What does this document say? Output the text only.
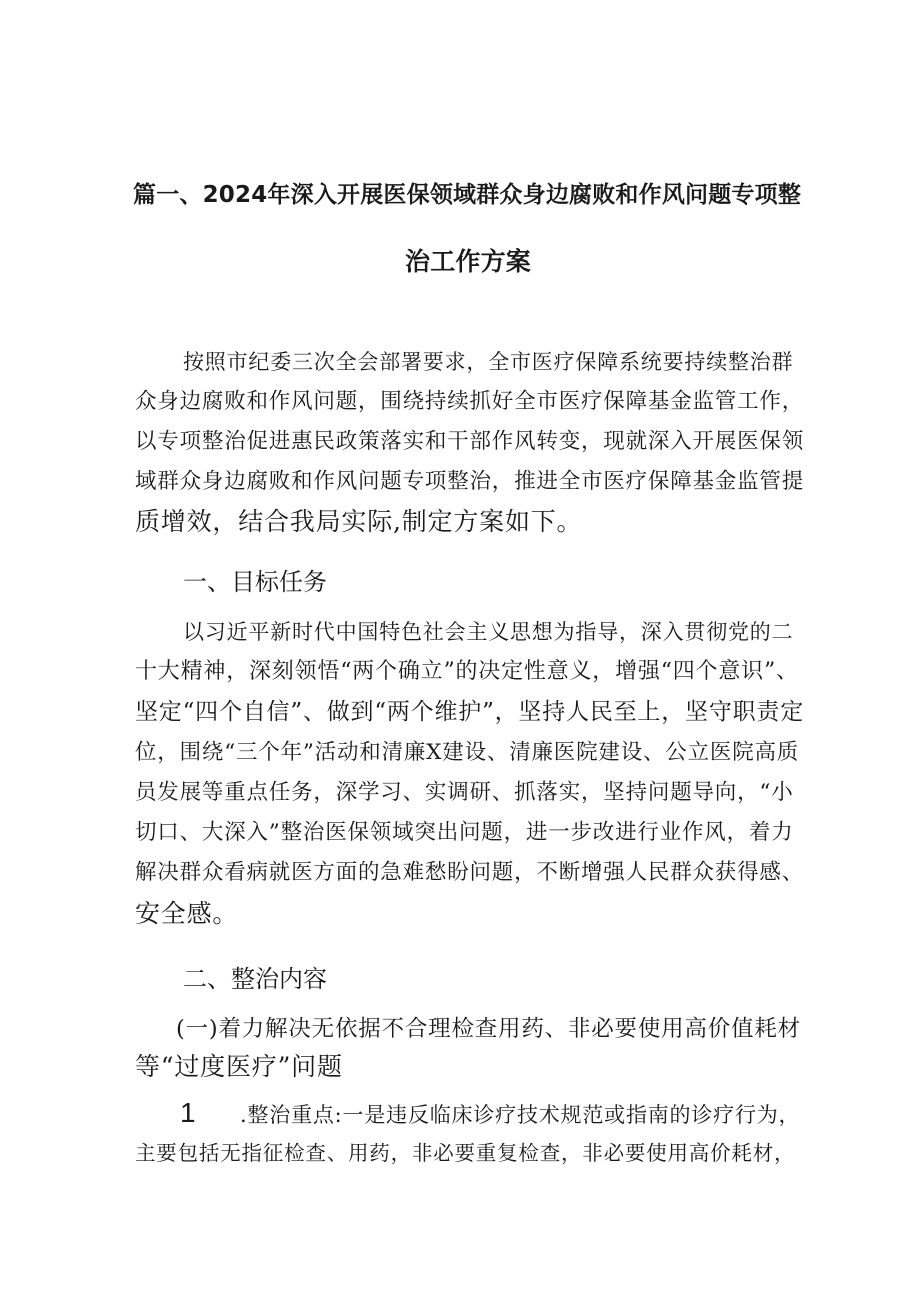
篇一、2024年深入开展医保领域群众身边腐败和作风问题专项整
治工作方案
按照市纪委三次全会部署要求，全市医疗保障系统要持续整治群
众身边腐败和作风问题，围绕持续抓好全市医疗保障基金监管工作，
以专项整治促进惠民政策落实和干部作风转变，现就深入开展医保领
域群众身边腐败和作风问题专项整治，推进全市医疗保障基金监管提
质增效，结合我局实际,制定方案如下。
一、目标任务
以习近平新时代中国特色社会主义思想为指导，深入贯彻党的二
十大精神，深刻领悟“两个确立”的决定性意义，增强“四个意识”、
坚定“四个自信”、做到“两个维护”，坚持人民至上，坚守职责定
位，围绕“三个年”活动和清廉X建设、清廉医院建设、公立医院高质
员发展等重点任务，深学习、实调研、抓落实，坚持问题导向，“小
切口、大深入”整治医保领域突出问题，进一步改进行业作风，着力
解决群众看病就医方面的急难愁盼问题，不断增强人民群众获得感、
安全感。
二、整治内容
(一)着力解决无依据不合理检查用药、非必要使用高价值耗材
等“过度医疗”问题
1 .整治重点:一是违反临床诊疗技术规范或指南的诊疗行为，
主要包括无指征检查、用药，非必要重复检查，非必要使用高价耗材，
